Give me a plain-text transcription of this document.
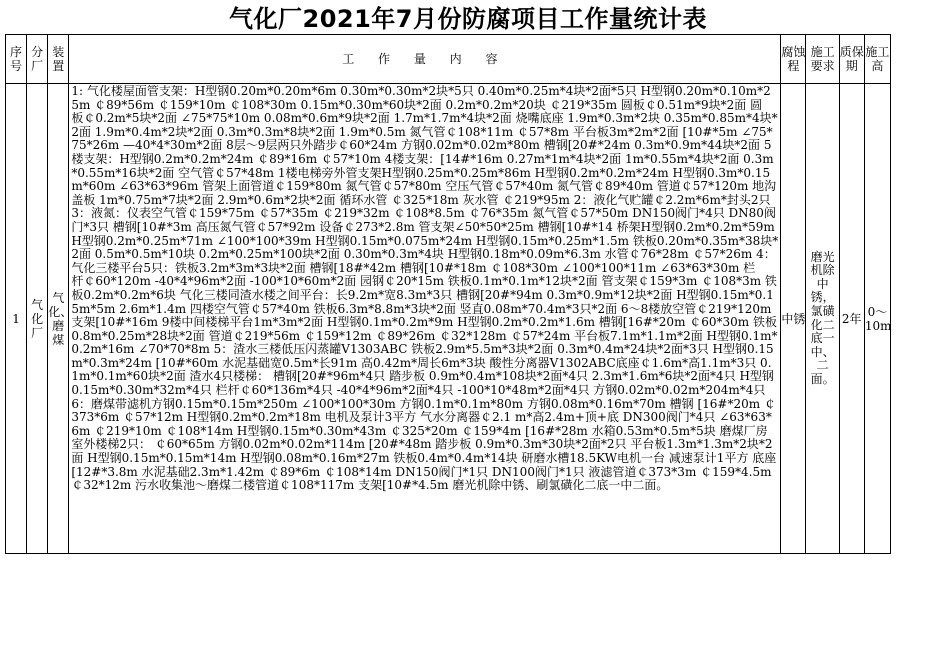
气化厂2021年7月份防腐项目工作量统计表
序号	分厂	装置	工 作 量 内 容	腐蚀程	施工要求	质保期	施工高
1	气化厂	气化、磨煤	1: 气化楼屋面管支架：H型钢0.20m*0.20m*6m 0.30m*0.30m*2块*5只 0.40m*0.25m*4块*2面*5只 H型钢0.20m*0.10m*25m ￠89*56m ￠159*10m ￠108*30m 0.15m*0.30m*60块*2面 0.2m*0.2m*20块 ￠219*35m 圆板￠0.51m*9块*2面 圆板￠0.2m*5块*2面 ∠75*75*10m 0.08m*0.6m*9块*2面 1.7m*1.7m*4块*2面 烧嘴底座 1.9m*0.3m*2块 0.35m*0.85m*4块*2面 1.9m*0.4m*2块*2面 0.3m*0.3m*8块*2面 1.9m*0.5m 氮气管￠108*11m ￠57*8m 平台板3m*2m*2面 [10#*5m ∠75*75*26m —40*4*30m*2面 8层～9层两只外踏步￠60*24m 方钢0.02m*0.02m*80m 槽钢[20#*24m 0.3m*0.9m*44块*2面 5楼支架：H型钢0.2m*0.2m*24m ￠89*16m ￠57*10m 4楼支架：[14#*16m 0.27m*1m*4块*2面 1m*0.55m*4块*2面 0.3m*0.55m*16块*2面 空气管￠57*48m 1楼电梯旁外管支架H型钢0.25m*0.25m*86m H型钢0.2m*0.2m*24m H型钢0.3m*0.15m*60m ∠63*63*96m 管架上面管道￠159*80m 氮气管￠57*80m 空压气管￠57*40m 氮气管￠89*40m 管道￠57*120m 地沟盖板 1m*0.75m*7块*2面 2.9m*0.6m*2块*2面 循环水管 ￠325*18m 灰水管 ￠219*95m 2：液化气贮罐￠2.2m*6m*封头2只 3：液氮：仪表空气管￠159*75m ￠57*35m ￠219*32m ￠108*8.5m ￠76*35m 氮气管￠57*50m DN150阀门*4只 DN80阀门*3只 槽钢[10#*3m 高压氮气管￠57*92m 设备￠273*2.8m 管支架∠50*50*25m 槽钢[10#*14 桥架H型钢0.2m*0.2m*59m H型钢0.2m*0.25m*71m ∠100*100*39m H型钢0.15m*0.075m*24m H型钢0.15m*0.25m*1.5m 铁板0.20m*0.35m*38块*2面 0.5m*0.5m*10块 0.2m*0.25m*100块*2面 0.30m*0.3m*4块 H型钢0.18m*0.09m*6.3m 水管￠76*28m ￠57*26m 4：气化三楼平台5只：铁板3.2m*3m*3块*2面 槽钢[18#*42m 槽钢[10#*18m ￠108*30m ∠100*100*11m ∠63*63*30m 栏杆￠60*120m -40*4*96m*2面 -100*10*60m*2面 园钢￠20*15m 铁板0.1m*0.1m*12块*2面 管支架￠159*3m ￠108*3m 铁板0.2m*0.2m*6块 气化三楼同渣水楼之间平台：长9.2m*宽8.3m*3只 槽钢[20#*94m 0.3m*0.9m*12块*2面 H型钢0.15m*0.15m*5m 2.6m*1.4m 四楼空气管￠57*40m 铁板6.3m*8.8m*3块*2面 竖直0.08m*70.4m*3只*2面 6～8楼放空管￠219*120m 支架[10#*16m 9楼中间楼梯平台1m*3m*2面 H型钢0.1m*0.2m*9m H型钢0.2m*0.2m*1.6m 槽钢[16#*20m ￠60*30m 铁板0.8m*0.25m*28块*2面 管道￠219*56m ￠159*12m ￠89*26m ￠32*128m ￠57*24m 平台板7.1m*1.1m*2面 H型钢0.1m*0.2m*16m ∠70*70*8m 5：渣水三楼低压闪蒸罐V1303ABC 铁板2.9m*5.5m*3块*2面 0.3m*0.4m*24块*2面*3只 H型钢0.15m*0.3m*24m [10#*60m 水泥基础宽0.5m*长91m 高0.42m*周长6m*3块 酸性分离器V1302ABC底座￠1.6m*高1.1m*3只 0.1m*0.1m*60块*2面 渣水4只楼梯： 槽钢[20#*96m*4只 踏步板 0.9m*0.4m*108块*2面*4只 2.3m*1.6m*6块*2面*4只 H型钢0.15m*0.30m*32m*4只 栏杆￠60*136m*4只 -40*4*96m*2面*4只 -100*10*48m*2面*4只 方钢0.02m*0.02m*204m*4只 6：磨煤带滤机方钢0.15m*0.15m*250m ∠100*100*30m 方钢0.1m*0.1m*80m 方钢0.08m*0.16m*70m 槽钢 [16#*20m ￠373*6m ￠57*12m H型钢0.2m*0.2m*18m 电机及泵计3平方 气水分离器￠2.1 m*高2.4m+顶+底 DN300阀门*4只 ∠63*63*6m ￠219*10m ￠108*14m H型钢0.15m*0.30m*43m ￠325*20m ￠159*4m [16#*28m 水箱0.53m*0.5m*5块 磨煤厂房室外楼梯2只： ￠60*65m 方钢0.02m*0.02m*114m [20#*48m 踏步板 0.9m*0.3m*30块*2面*2只 平台板1.3m*1.3m*2块*2面 H型钢0.15m*0.15m*14m H型钢0.08m*0.16m*27m 铁板0.4m*0.4m*14块 研磨水槽18.5KW电机一台 减速泵计1平方 底座[12#*3.8m 水泥基础2.3m*1.42m ￠89*6m ￠108*14m DN150阀门*1只 DN100阀门*1只 液滤管道￠373*3m ￠159*4.5m ￠32*12m 污水收集池～磨煤二楼管道￠108*117m 支架[10#*4.5m 磨光机除中锈、刷氯磺化二底一中二面。	中锈	磨光机除中锈，氯磺化二底一中、二面。	2年	0～10m
